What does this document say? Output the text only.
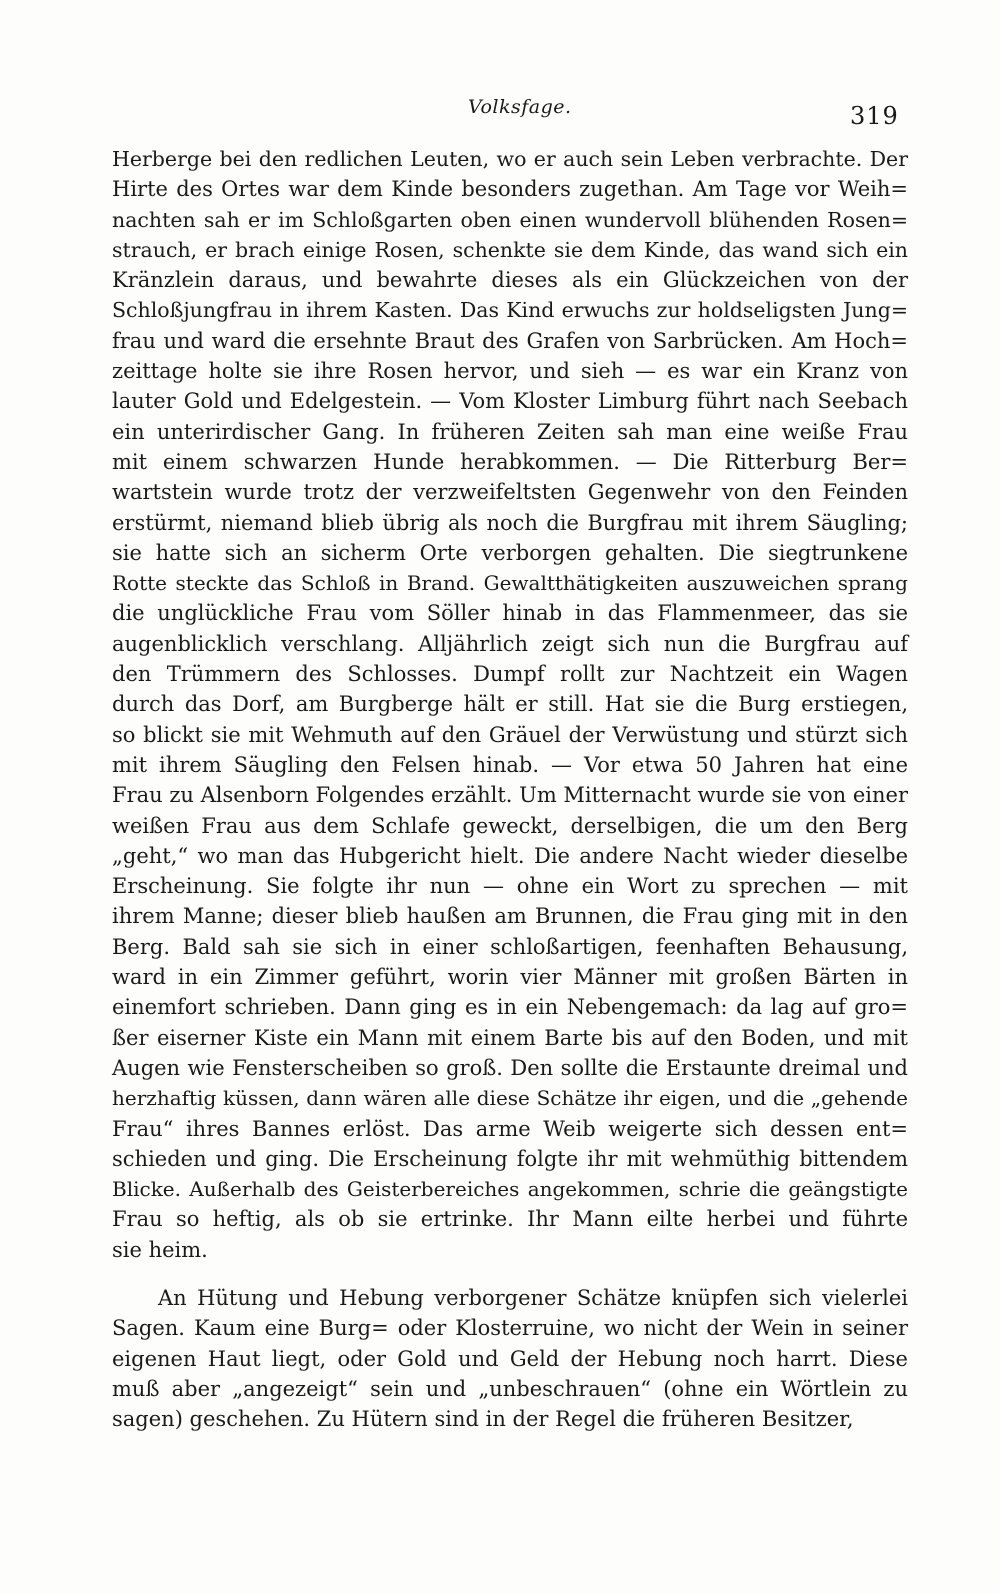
Volksfage.	319
Herberge bei den redlichen Leuten, wo er auch sein Leben verbrachte. Der
Hirte des Ortes war dem Kinde besonders zugethan. Am Tage vor Weih=
nachten sah er im Schloßgarten oben einen wundervoll blühenden Rosen=
strauch, er brach einige Rosen, schenkte sie dem Kinde, das wand sich ein
Kränzlein daraus, und bewahrte dieses als ein Glückzeichen von der
Schloßjungfrau in ihrem Kasten. Das Kind erwuchs zur holdseligsten Jung=
frau und ward die ersehnte Braut des Grafen von Sarbrücken. Am Hoch=
zeittage holte sie ihre Rosen hervor, und sieh — es war ein Kranz von
lauter Gold und Edelgestein. — Vom Kloster Limburg führt nach Seebach
ein unterirdischer Gang. In früheren Zeiten sah man eine weiße Frau
mit einem schwarzen Hunde herabkommen. — Die Ritterburg Ber=
wartstein wurde trotz der verzweifeltsten Gegenwehr von den Feinden
erstürmt, niemand blieb übrig als noch die Burgfrau mit ihrem Säugling;
sie hatte sich an sicherm Orte verborgen gehalten. Die siegtrunkene
Rotte steckte das Schloß in Brand. Gewaltthätigkeiten auszuweichen sprang
die unglückliche Frau vom Söller hinab in das Flammenmeer, das sie
augenblicklich verschlang. Alljährlich zeigt sich nun die Burgfrau auf
den Trümmern des Schlosses. Dumpf rollt zur Nachtzeit ein Wagen
durch das Dorf, am Burgberge hält er still. Hat sie die Burg erstiegen,
so blickt sie mit Wehmuth auf den Gräuel der Verwüstung und stürzt sich
mit ihrem Säugling den Felsen hinab. — Vor etwa 50 Jahren hat eine
Frau zu Alsenborn Folgendes erzählt. Um Mitternacht wurde sie von einer
weißen Frau aus dem Schlafe geweckt, derselbigen, die um den Berg
„geht,“ wo man das Hubgericht hielt. Die andere Nacht wieder dieselbe
Erscheinung. Sie folgte ihr nun — ohne ein Wort zu sprechen — mit
ihrem Manne; dieser blieb haußen am Brunnen, die Frau ging mit in den
Berg. Bald sah sie sich in einer schloßartigen, feenhaften Behausung,
ward in ein Zimmer geführt, worin vier Männer mit großen Bärten in
einemfort schrieben. Dann ging es in ein Nebengemach: da lag auf gro=
ßer eiserner Kiste ein Mann mit einem Barte bis auf den Boden, und mit
Augen wie Fensterscheiben so groß. Den sollte die Erstaunte dreimal und
herzhaftig küssen, dann wären alle diese Schätze ihr eigen, und die „gehende
Frau“ ihres Bannes erlöst. Das arme Weib weigerte sich dessen ent=
schieden und ging. Die Erscheinung folgte ihr mit wehmüthig bittendem
Blicke. Außerhalb des Geisterbereiches angekommen, schrie die geängstigte
Frau so heftig, als ob sie ertrinke. Ihr Mann eilte herbei und führte
sie heim.
An Hütung und Hebung verborgener Schätze knüpfen sich vielerlei
Sagen. Kaum eine Burg= oder Klosterruine, wo nicht der Wein in seiner
eigenen Haut liegt, oder Gold und Geld der Hebung noch harrt. Diese
muß aber „angezeigt“ sein und „unbeschrauen“ (ohne ein Wörtlein zu
sagen) geschehen. Zu Hütern sind in der Regel die früheren Besitzer,
